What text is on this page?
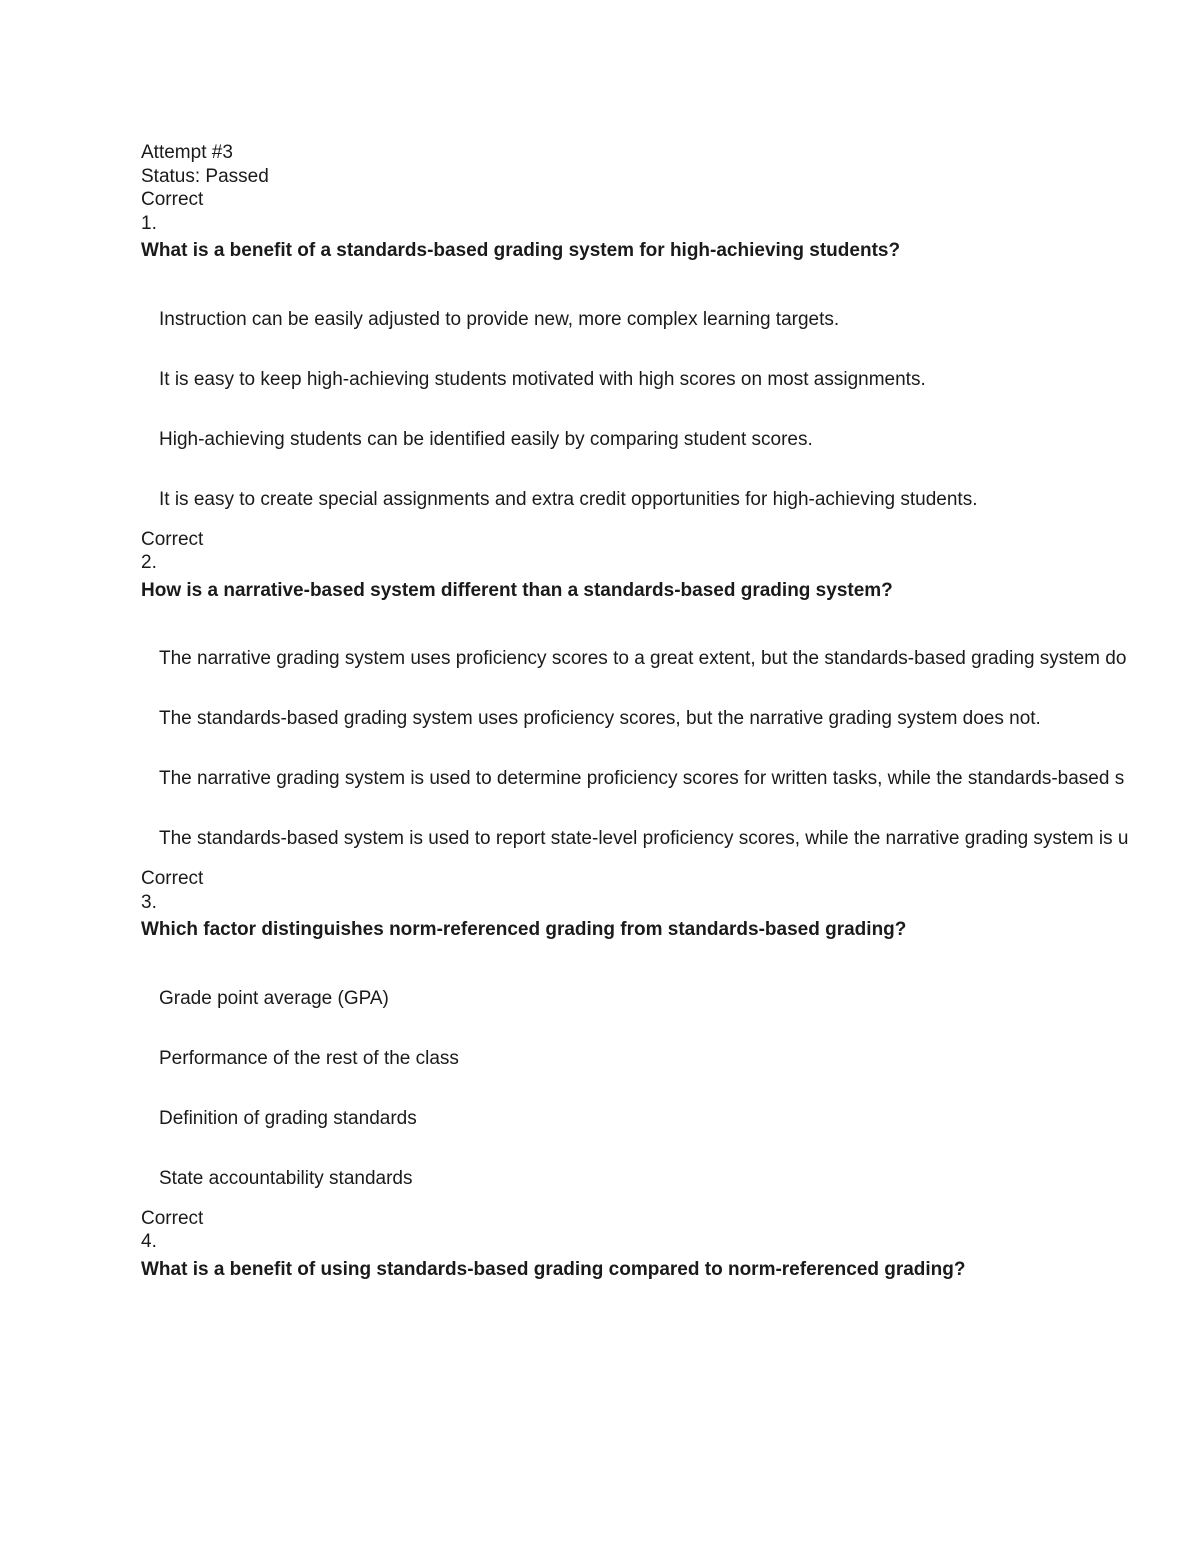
Attempt #3
Status: Passed
Correct
1.
What is a benefit of a standards-based grading system for high-achieving students?
Instruction can be easily adjusted to provide new, more complex learning targets.
It is easy to keep high-achieving students motivated with high scores on most assignments.
High-achieving students can be identified easily by comparing student scores.
It is easy to create special assignments and extra credit opportunities for high-achieving students.
Correct
2.
How is a narrative-based system different than a standards-based grading system?
The narrative grading system uses proficiency scores to a great extent, but the standards-based grading system do
The standards-based grading system uses proficiency scores, but the narrative grading system does not.
The narrative grading system is used to determine proficiency scores for written tasks, while the standards-based s
The standards-based system is used to report state-level proficiency scores, while the narrative grading system is u
Correct
3.
Which factor distinguishes norm-referenced grading from standards-based grading?
Grade point average (GPA)
Performance of the rest of the class
Definition of grading standards
State accountability standards
Correct
4.
What is a benefit of using standards-based grading compared to norm-referenced grading?
